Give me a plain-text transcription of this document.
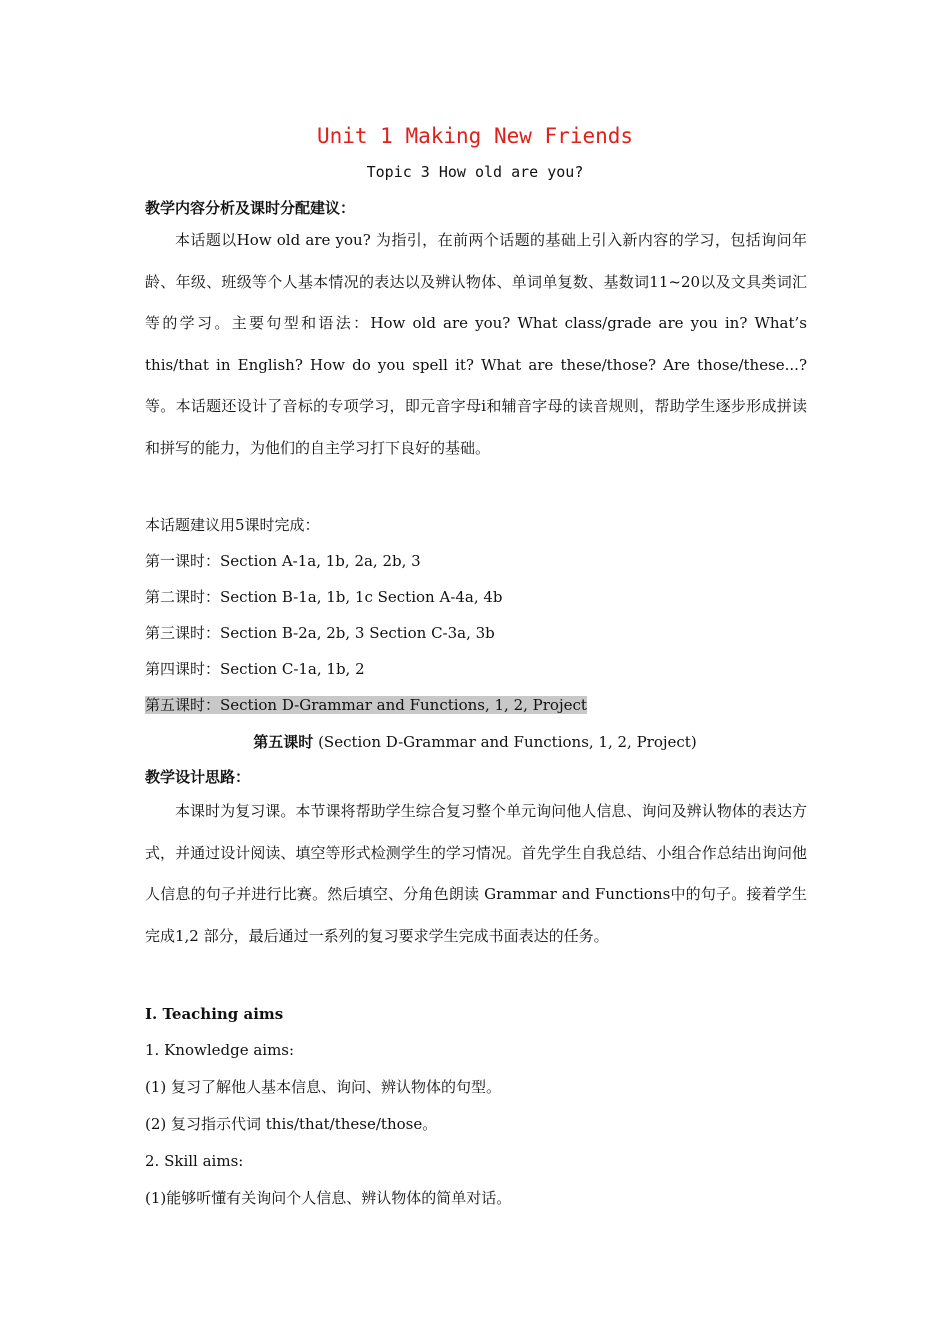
Unit 1 Making New Friends
Topic 3 How old are you?
教学内容分析及课时分配建议：
本话题以How old are you? 为指引，在前两个话题的基础上引入新内容的学习，包括询问年龄、年级、班级等个人基本情况的表达以及辨认物体、单词单复数、基数词11~20以及文具类词汇等的学习。主要句型和语法：How old are you? What class/grade are you in? What’s this/that in English? How do you spell it? What are these/those? Are those/these...?等。本话题还设计了音标的专项学习，即元音字母i和辅音字母的读音规则，帮助学生逐步形成拼读和拼写的能力，为他们的自主学习打下良好的基础。
本话题建议用5课时完成：
第一课时：Section A-1a, 1b, 2a, 2b, 3
第二课时：Section B-1a, 1b, 1c Section A-4a, 4b
第三课时：Section B-2a, 2b, 3 Section C-3a, 3b
第四课时：Section C-1a, 1b, 2
第五课时：Section D-Grammar and Functions, 1, 2, Project
第五课时 (Section D-Grammar and Functions, 1, 2, Project)
教学设计思路：
本课时为复习课。本节课将帮助学生综合复习整个单元询问他人信息、询问及辨认物体的表达方式，并通过设计阅读、填空等形式检测学生的学习情况。首先学生自我总结、小组合作总结出询问他人信息的句子并进行比赛。然后填空、分角色朗读 Grammar and Functions中的句子。接着学生完成1,2 部分，最后通过一系列的复习要求学生完成书面表达的任务。
Ⅰ. Teaching aims
1. Knowledge aims:
(1) 复习了解他人基本信息、询问、辨认物体的句型。
(2) 复习指示代词 this/that/these/those。
2. Skill aims:
(1)能够听懂有关询问个人信息、辨认物体的简单对话。
